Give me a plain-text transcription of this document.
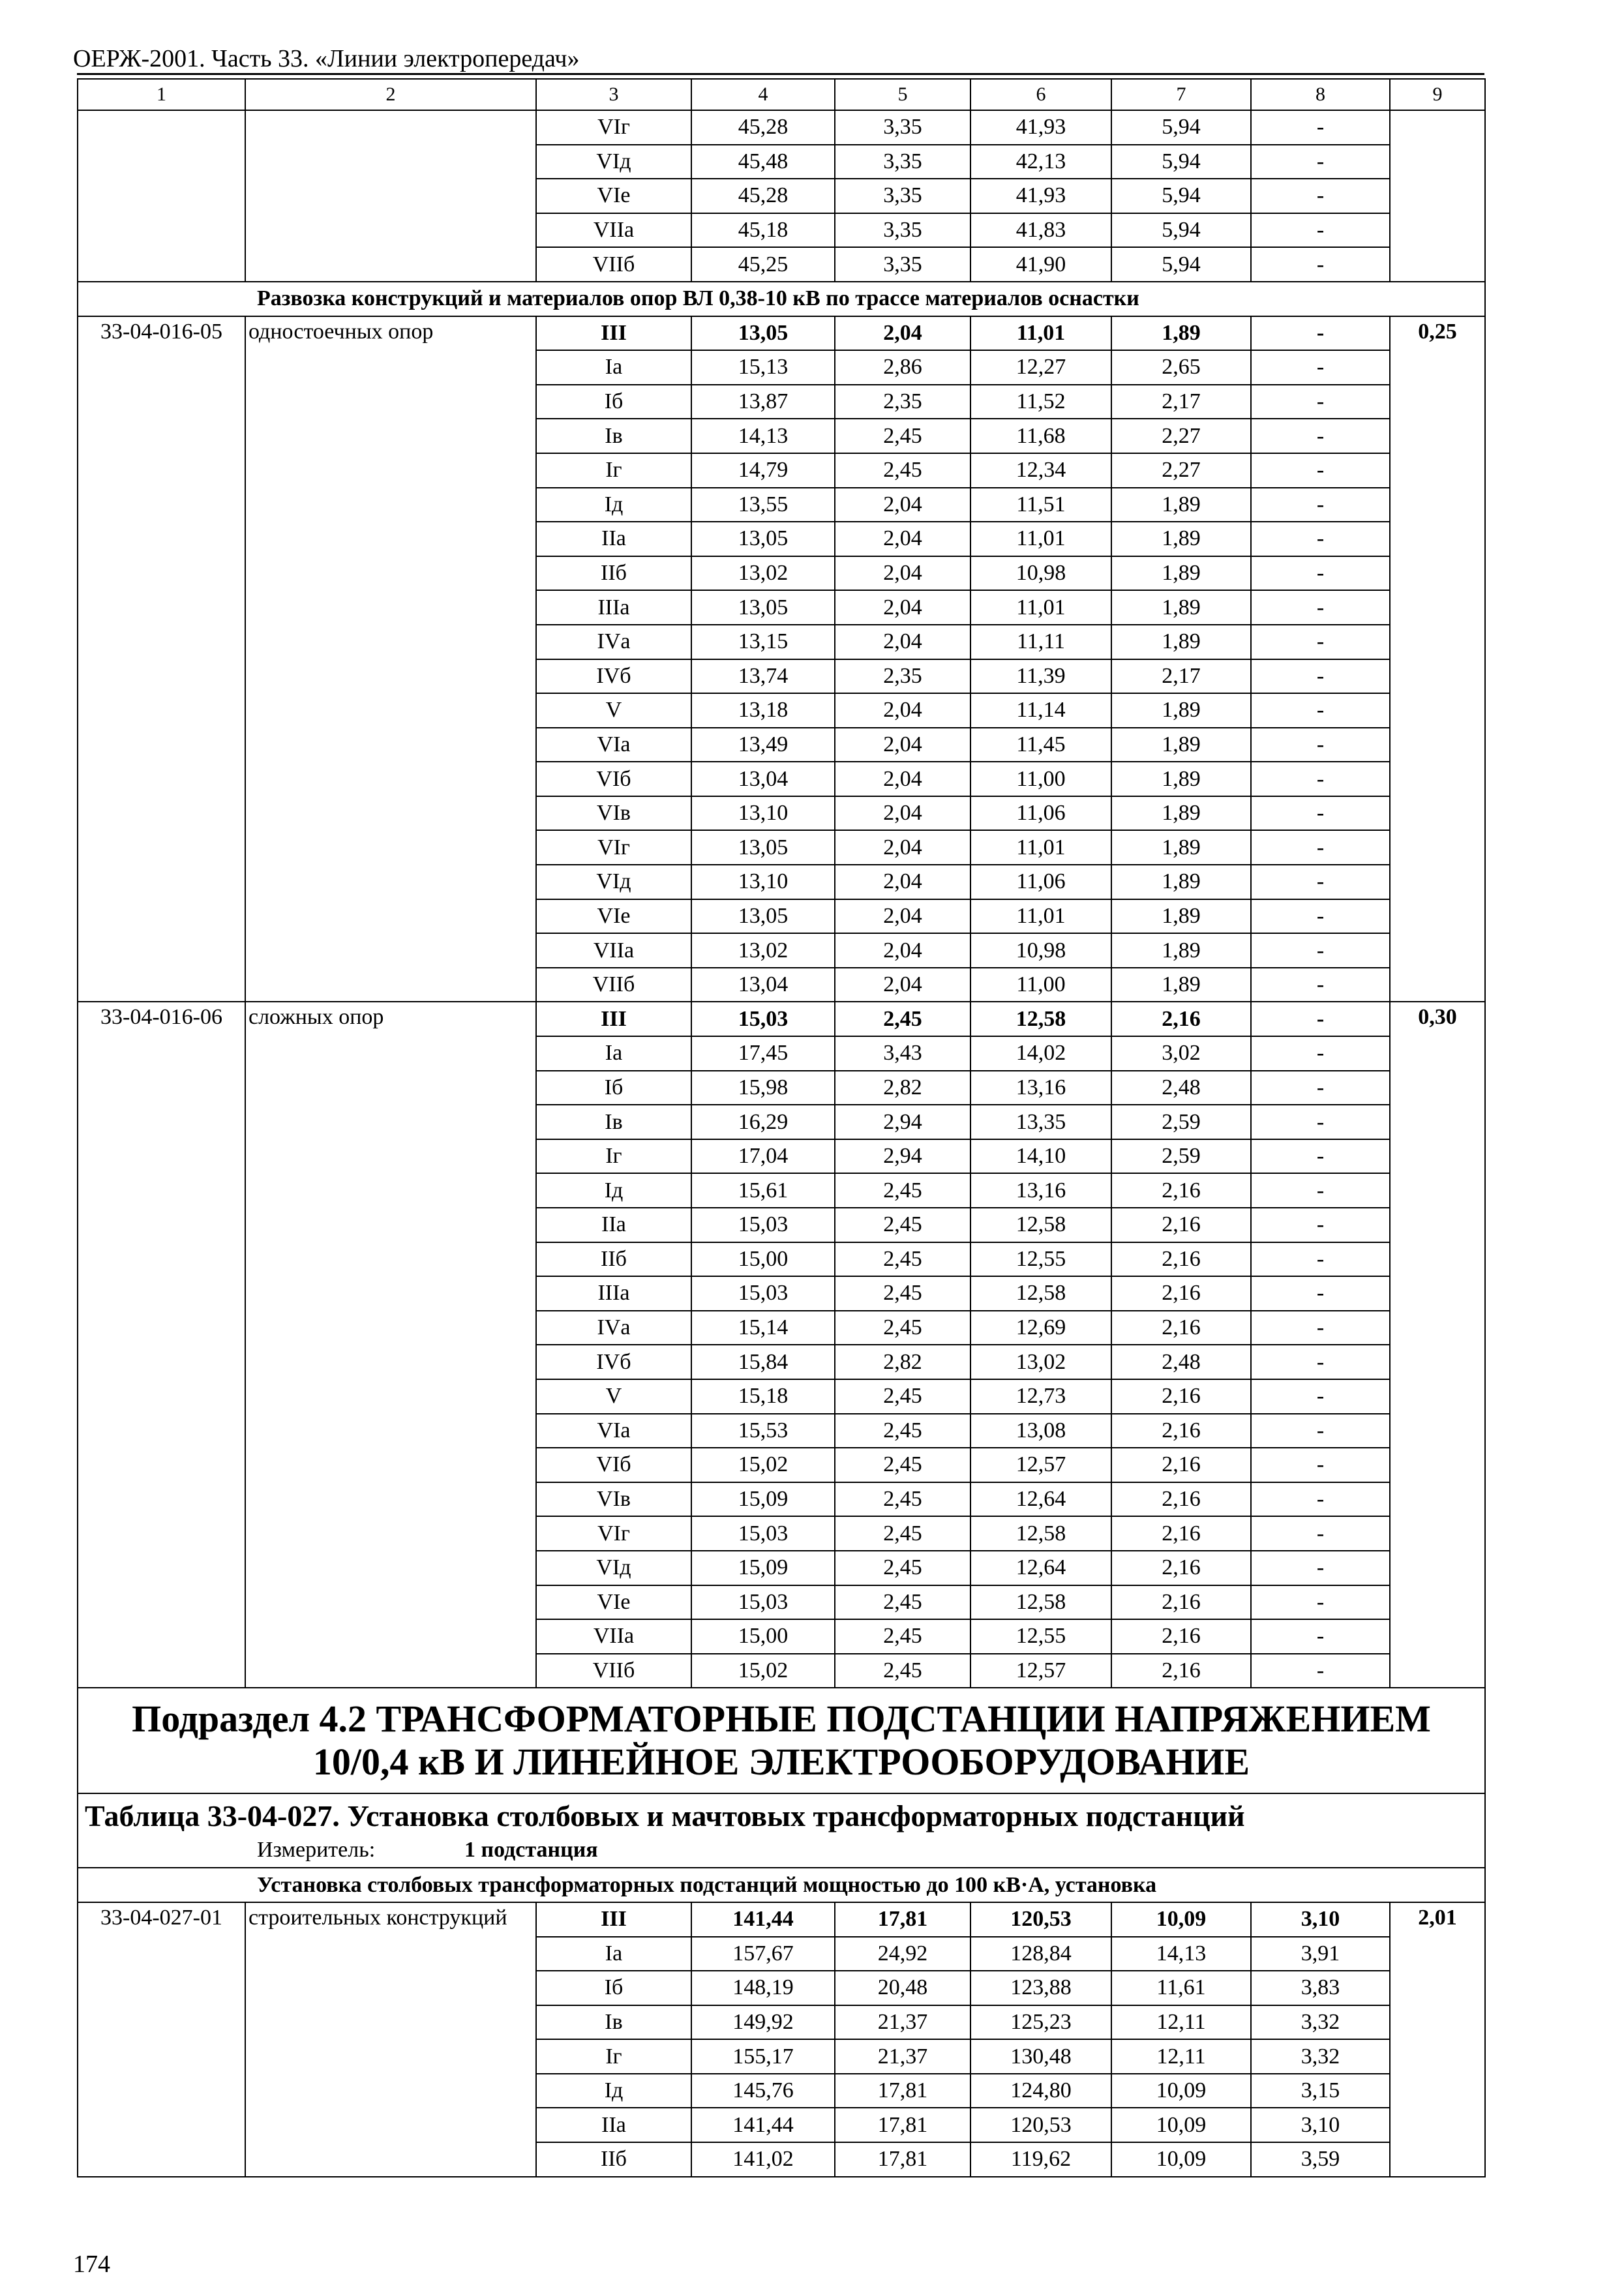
ОЕРЖ-2001. Часть 33. «Линии электропередач»
1	2	3	4	5	6	7	8	9
		VIг	45,28	3,35	41,93	5,94	-	
		VIд	45,48	3,35	42,13	5,94	-	
		VIе	45,28	3,35	41,93	5,94	-	
		VIIа	45,18	3,35	41,83	5,94	-	
		VIIб	45,25	3,35	41,90	5,94	-	
Развозка конструкций и материалов опор ВЛ 0,38-10 кВ по трассе материалов оснастки								
33-04-016-05	одностоечных опор	III	13,05	2,04	11,01	1,89	-	0,25
		Iа	15,13	2,86	12,27	2,65	-	
		Iб	13,87	2,35	11,52	2,17	-	
		Iв	14,13	2,45	11,68	2,27	-	
		Iг	14,79	2,45	12,34	2,27	-	
		Iд	13,55	2,04	11,51	1,89	-	
		IIа	13,05	2,04	11,01	1,89	-	
		IIб	13,02	2,04	10,98	1,89	-	
		IIIа	13,05	2,04	11,01	1,89	-	
		IVа	13,15	2,04	11,11	1,89	-	
		IVб	13,74	2,35	11,39	2,17	-	
		V	13,18	2,04	11,14	1,89	-	
		VIа	13,49	2,04	11,45	1,89	-	
		VIб	13,04	2,04	11,00	1,89	-	
		VIв	13,10	2,04	11,06	1,89	-	
		VIг	13,05	2,04	11,01	1,89	-	
		VIд	13,10	2,04	11,06	1,89	-	
		VIе	13,05	2,04	11,01	1,89	-	
		VIIа	13,02	2,04	10,98	1,89	-	
		VIIб	13,04	2,04	11,00	1,89	-	
33-04-016-06	сложных опор	III	15,03	2,45	12,58	2,16	-	0,30
		Iа	17,45	3,43	14,02	3,02	-	
		Iб	15,98	2,82	13,16	2,48	-	
		Iв	16,29	2,94	13,35	2,59	-	
		Iг	17,04	2,94	14,10	2,59	-	
		Iд	15,61	2,45	13,16	2,16	-	
		IIа	15,03	2,45	12,58	2,16	-	
		IIб	15,00	2,45	12,55	2,16	-	
		IIIа	15,03	2,45	12,58	2,16	-	
		IVа	15,14	2,45	12,69	2,16	-	
		IVб	15,84	2,82	13,02	2,48	-	
		V	15,18	2,45	12,73	2,16	-	
		VIа	15,53	2,45	13,08	2,16	-	
		VIб	15,02	2,45	12,57	2,16	-	
		VIв	15,09	2,45	12,64	2,16	-	
		VIг	15,03	2,45	12,58	2,16	-	
		VIд	15,09	2,45	12,64	2,16	-	
		VIе	15,03	2,45	12,58	2,16	-	
		VIIа	15,00	2,45	12,55	2,16	-	
		VIIб	15,02	2,45	12,57	2,16	-	
Подраздел 4.2 ТРАНСФОРМАТОРНЫЕ ПОДСТАНЦИИ НАПРЯЖЕНИЕМ 10/0,4 кВ И ЛИНЕЙНОЕ ЭЛЕКТРООБОРУДОВАНИЕ								

Таблица 33-04-027. Установка столбовых и мачтовых трансформаторных подстанций
Измеритель: 1 подстанция								

Установка столбовых трансформаторных подстанций мощностью до 100 кВ·А, установка								
33-04-027-01	строительных конструкций	III	141,44	17,81	120,53	10,09	3,10	2,01
		Iа	157,67	24,92	128,84	14,13	3,91	
		Iб	148,19	20,48	123,88	11,61	3,83	
		Iв	149,92	21,37	125,23	12,11	3,32	
		Iг	155,17	21,37	130,48	12,11	3,32	
		Iд	145,76	17,81	124,80	10,09	3,15	
		IIа	141,44	17,81	120,53	10,09	3,10	
		IIб	141,02	17,81	119,62	10,09	3,59	
174
